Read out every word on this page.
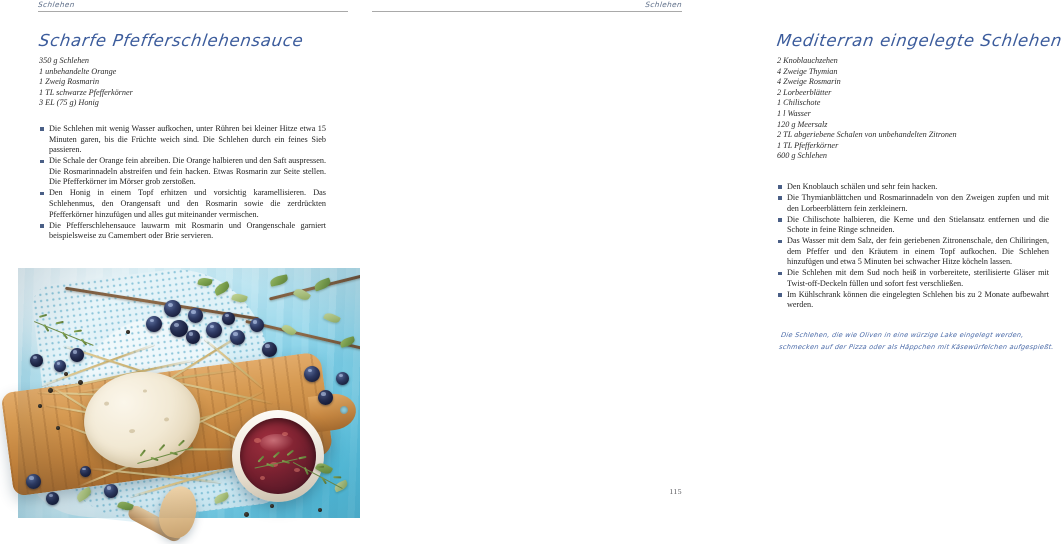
Schlehen
Scharfe Pfefferschlehensauce
350 g Schlehen
1 unbehandelte Orange
1 Zweig Rosmarin
1 TL schwarze Pfefferkörner
3 EL (75 g) Honig
Die Schlehen mit wenig Wasser aufkochen, unter Rühren bei kleiner Hitze etwa 15 Minuten garen, bis die Früchte weich sind. Die Schlehen durch ein feines Sieb passieren.
Die Schale der Orange fein abreiben. Die Orange halbieren und den Saft auspressen. Die Rosmarinnadeln abstreifen und fein hacken. Etwas Rosmarin zur Seite stellen. Die Pfefferkörner im Mörser grob zerstoßen.
Den Honig in einem Topf erhitzen und vorsichtig karamellisieren. Das Schlehenmus, den Orangensaft und den Rosmarin sowie die zerdrückten Pfefferkörner hinzufügen und alles gut miteinander vermischen.
Die Pfefferschlehensauce lauwarm mit Rosmarin und Orangenschale garniert beispielsweise zu Camembert oder Brie servieren.
Schlehen
Mediterran eingelegte Schlehen
2 Knoblauchzehen
4 Zweige Thymian
4 Zweige Rosmarin
2 Lorbeerblätter
1 Chilischote
1 l Wasser
120 g Meersalz
2 TL abgeriebene Schalen von unbehandelten Zitronen
1 TL Pfefferkörner
600 g Schlehen
Den Knoblauch schälen und sehr fein hacken.
Die Thymianblättchen und Rosmarinnadeln von den Zweigen zupfen und mit den Lorbeerblättern fein zerkleinern.
Die Chilischote halbieren, die Kerne und den Stielansatz entfernen und die Schote in feine Ringe schneiden.
Das Wasser mit dem Salz, der fein geriebenen Zitronenschale, den Chiliringen, dem Pfeffer und den Kräutern in einem Topf aufkochen. Die Schlehen hinzufügen und etwa 5 Minuten bei schwacher Hitze köcheln lassen.
Die Schlehen mit dem Sud noch heiß in vorbereitete, sterilisierte Gläser mit Twist-off-Deckeln füllen und sofort fest verschließen.
Im Kühlschrank können die eingelegten Schlehen bis zu 2 Monate aufbewahrt werden.
Die Schlehen, die wie Oliven in eine würzige Lake eingelegt werden, schmecken auf der Pizza oder als Häppchen mit Käsewürfelchen aufgespießt.
115
